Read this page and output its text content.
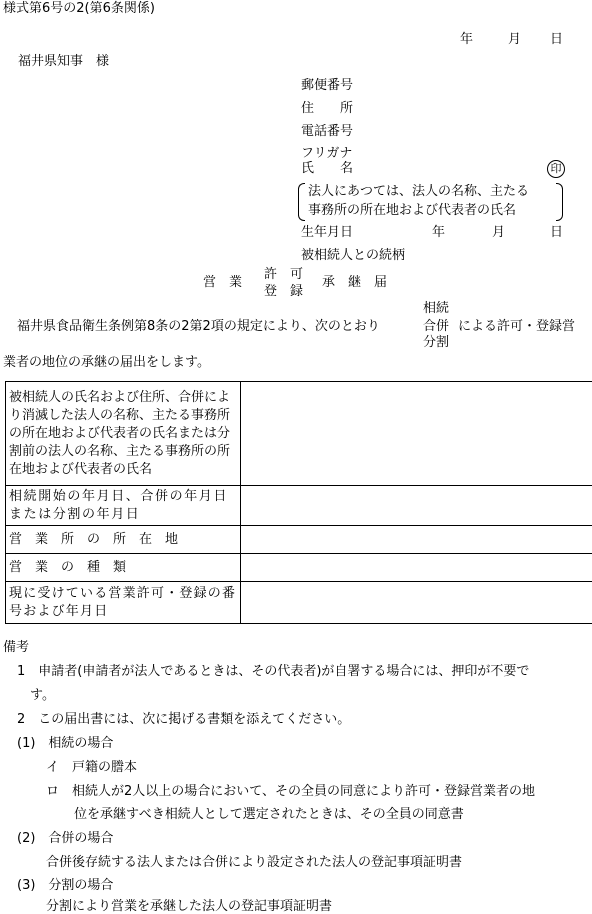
様式第6号の2(第6条関係)
年	月 日
福井県知事　様
郵便番号
住　　所
電話番号
フリガナ
氏　　名	印
法人にあつては、法人の名称、主たる
事務所の所在地および代表者の氏名
生年月日	年	月	日
被相続人との続柄
営　業
許　可
登　録
承　継　届
福井県食品衛生条例第8条の2第2項の規定により、次のとおり
相続
合併
分割
による許可・登録営
業者の地位の承継の届出をします。
被相続人の氏名および住所、合併により消滅した法人の名称、主たる事務所の所在地および代表者の氏名または分割前の法人の名称、主たる事務所の所在地および代表者の氏名	
相続開始の年月日、合併の年月日または分割の年月日	
営　業　所　の　所　在　地	
営　業　の　種　類	
現に受けている営業許可・登録の番号および年月日	
備考
1　申請者(申請者が法人であるときは、その代表者)が自署する場合には、押印が不要で
す。
2　この届出書には、次に掲げる書類を添えてください。
(1)　相続の場合
イ　戸籍の謄本
ロ　相続人が2人以上の場合において、その全員の同意により許可・登録営業者の地
位を承継すべき相続人として選定されたときは、その全員の同意書
(2)　合併の場合
合併後存続する法人または合併により設定された法人の登記事項証明書
(3)　分割の場合
分割により営業を承継した法人の登記事項証明書
